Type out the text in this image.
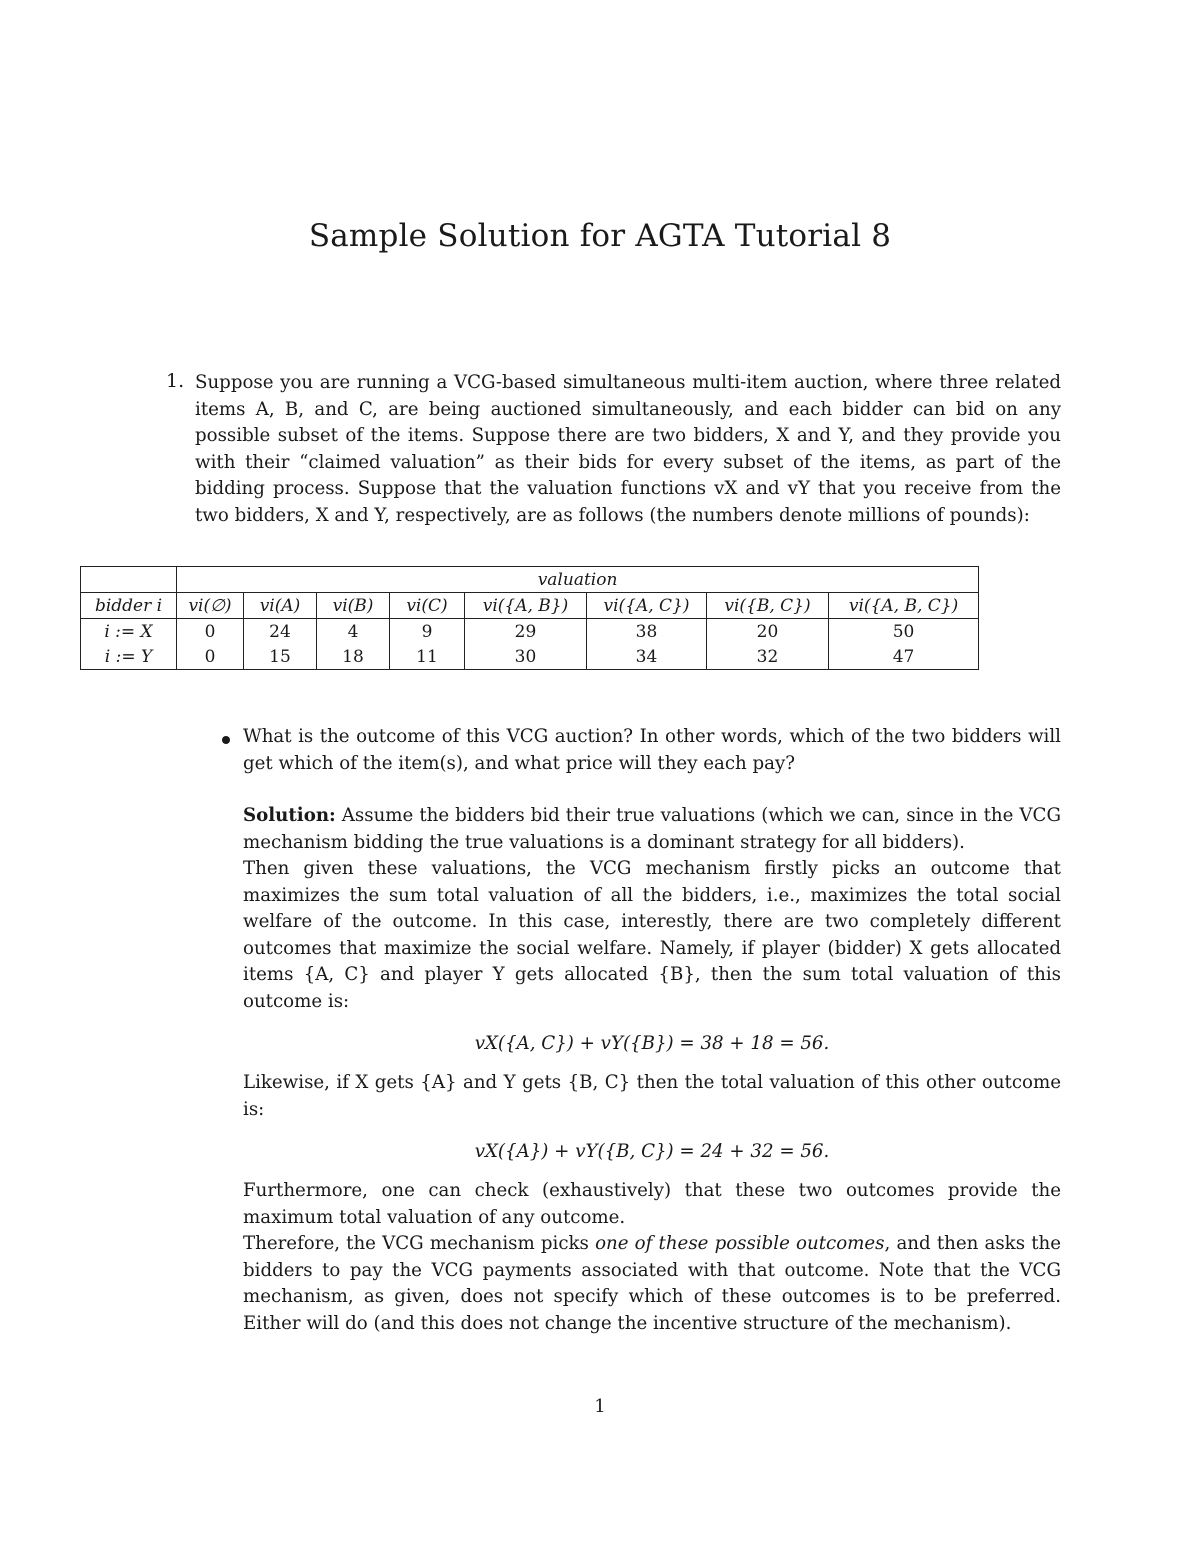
Sample Solution for AGTA Tutorial 8
1. Suppose you are running a VCG-based simultaneous multi-item auction, where three related items A, B, and C, are being auctioned simultaneously, and each bidder can bid on any possible subset of the items. Suppose there are two bidders, X and Y, and they provide you with their “claimed valuation” as their bids for every subset of the items, as part of the bidding process. Suppose that the valuation functions vX and vY that you receive from the two bidders, X and Y, respectively, are as follows (the numbers denote millions of pounds):

	valuation							
bidder i	vi(∅)	vi(A)	vi(B)	vi(C)	vi({A, B})	vi({A, C})	vi({B, C})	vi({A, B, C})
i := X	0	24	4	9	29	38	20	50
i := Y	0	15	18	11	30	34	32	47

What is the outcome of this VCG auction? In other words, which of the two bidders will get which of the item(s), and what price will they each pay?

Solution: Assume the bidders bid their true valuations (which we can, since in the VCG mechanism bidding the true valuations is a dominant strategy for all bidders).

Then given these valuations, the VCG mechanism firstly picks an outcome that maximizes the sum total valuation of all the bidders, i.e., maximizes the total social welfare of the outcome. In this case, interestly, there are two completely different outcomes that maximize the social welfare. Namely, if player (bidder) X gets allocated items {A, C} and player Y gets allocated {B}, then the sum total valuation of this outcome is:

vX({A, C}) + vY({B}) = 38 + 18 = 56.

Likewise, if X gets {A} and Y gets {B, C} then the total valuation of this other outcome is:

vX({A}) + vY({B, C}) = 24 + 32 = 56.

Furthermore, one can check (exhaustively) that these two outcomes provide the maximum total valuation of any outcome.

Therefore, the VCG mechanism picks one of these possible outcomes, and then asks the bidders to pay the VCG payments associated with that outcome. Note that the VCG mechanism, as given, does not specify which of these outcomes is to be preferred. Either will do (and this does not change the incentive structure of the mechanism).

1
